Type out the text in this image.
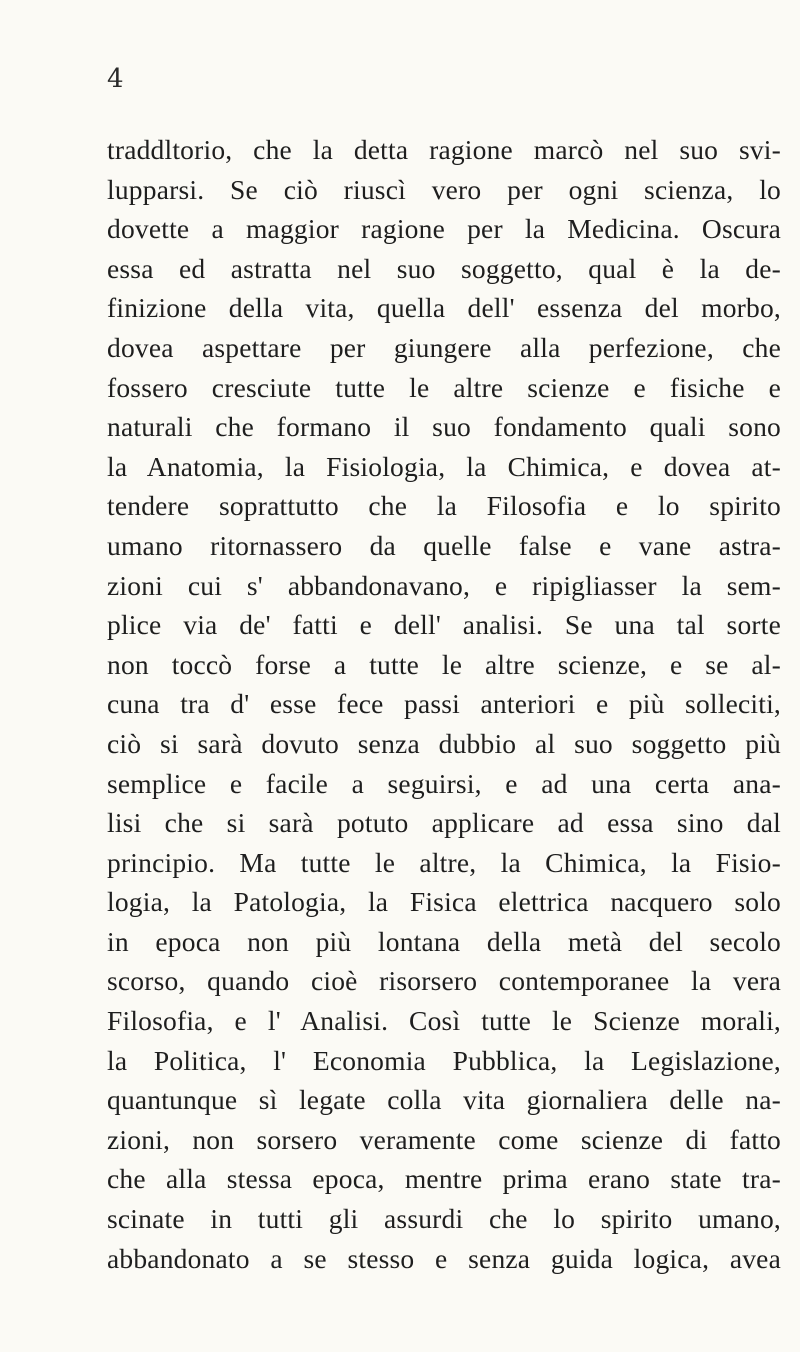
4
traddltorio, che la detta ragione marcò nel suo svi-
lupparsi. Se ciò riuscì vero per ogni scienza, lo
dovette a maggior ragione per la Medicina. Oscura
essa ed astratta nel suo soggetto, qual è la de-
finizione della vita, quella dell' essenza del morbo,
dovea aspettare per giungere alla perfezione, che
fossero cresciute tutte le altre scienze e fisiche e
naturali che formano il suo fondamento quali sono
la Anatomia, la Fisiologia, la Chimica, e dovea at-
tendere soprattutto che la Filosofia e lo spirito
umano ritornassero da quelle false e vane astra-
zioni cui s' abbandonavano, e ripigliasser la sem-
plice via de' fatti e dell' analisi. Se una tal sorte
non toccò forse a tutte le altre scienze, e se al-
cuna tra d' esse fece passi anteriori e più solleciti,
ciò si sarà dovuto senza dubbio al suo soggetto più
semplice e facile a seguirsi, e ad una certa ana-
lisi che si sarà potuto applicare ad essa sino dal
principio. Ma tutte le altre, la Chimica, la Fisio-
logia, la Patologia, la Fisica elettrica nacquero solo
in epoca non più lontana della metà del secolo
scorso, quando cioè risorsero contemporanee la vera
Filosofia, e l' Analisi. Così tutte le Scienze morali,
la Politica, l' Economia Pubblica, la Legislazione,
quantunque sì legate colla vita giornaliera delle na-
zioni, non sorsero veramente come scienze di fatto
che alla stessa epoca, mentre prima erano state tra-
scinate in tutti gli assurdi che lo spirito umano,
abbandonato a se stesso e senza guida logica, avea
